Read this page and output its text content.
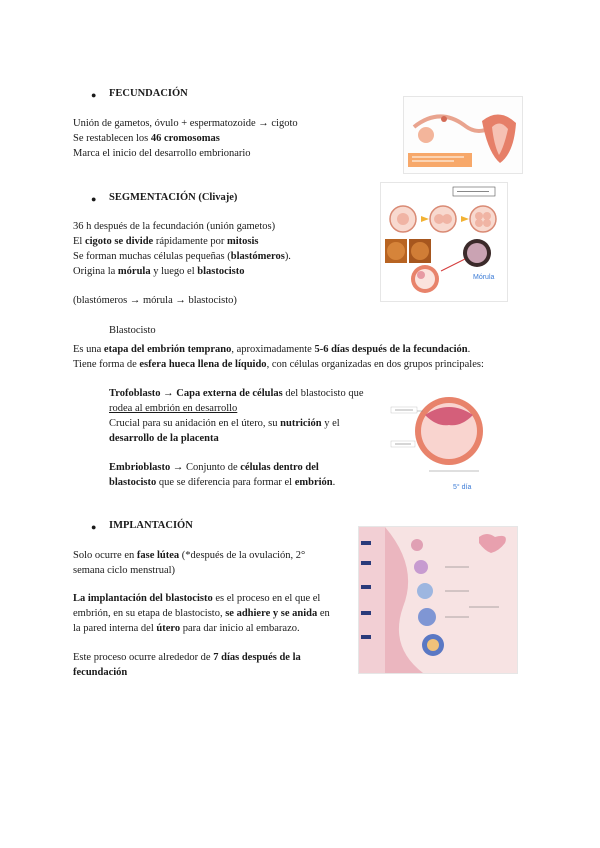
● FECUNDACIÓN
Unión de gametos, óvulo + espermatozoide → cigoto
Se restablecen los 46 cromosomas
Marca el inicio del desarrollo embrionario
● SEGMENTACIÓN (Clivaje)
36 h después de la fecundación (unión gametos)
El cigoto se divide rápidamente por mitosis
Se forman muchas células pequeñas (blastómeros).
Origina la mórula y luego el blastocisto
(blastómeros → mórula → blastocisto)
Mórula
Blastocisto
Es una etapa del embrión temprano, aproximadamente 5-6 días después de la fecundación.
Tiene forma de esfera hueca llena de líquido, con células organizadas en dos grupos principales:
Trofoblasto → Capa externa de células del blastocisto que
rodea al embrión en desarrollo
Crucial para su anidación en el útero, su nutrición y el
desarrollo de la placenta
Embrioblasto → Conjunto de células dentro del
blastocisto que se diferencia para formar el embrión.	5° día
● IMPLANTACIÓN
Solo ocurre en fase lútea (*después de la ovulación, 2°
semana ciclo menstrual)
La implantación del blastocisto es el proceso en el que el
embrión, en su etapa de blastocisto, se adhiere y se anida en
la pared interna del útero para dar inicio al embarazo.
Este proceso ocurre alrededor de 7 días después de la
fecundación
